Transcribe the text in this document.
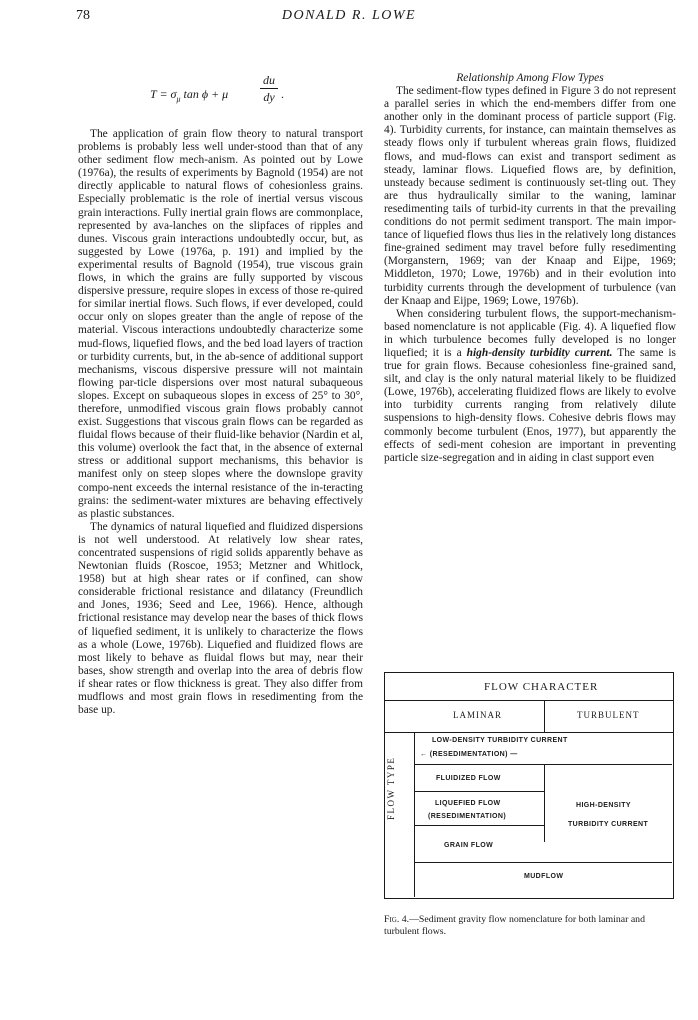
78	DONALD R. LOWE
$T = \sigma_\mu$ tan ϕ + μ
du
dy .

The application of grain flow theory to natural transport problems is probably less well under-stood than that of any other sediment flow mech-anism. As pointed out by Lowe (1976a), the results of experiments by Bagnold (1954) are not directly applicable to natural flows of cohesionless grains. Especially problematic is the role of inertial versus viscous grain interactions. Fully inertial grain flows are commonplace, represented by ava-lanches on the slipfaces of ripples and dunes. Viscous grain interactions undoubtedly occur, but, as suggested by Lowe (1976a, p. 191) and implied by the experimental results of Bagnold (1954), true viscous grain flows, in which the grains are fully supported by viscous dispersive pressure, require slopes in excess of those re-quired for similar inertial flows. Such flows, if ever developed, could occur only on slopes greater than the angle of repose of the material. Viscous interactions undoubtedly characterize some mud-flows, liquefied flows, and the bed load layers of traction or turbidity currents, but, in the ab-sence of additional support mechanisms, viscous dispersive pressure will not maintain flowing par-ticle dispersions over most natural subaqueous slopes. Except on subaqueous slopes in excess of 25° to 30°, therefore, unmodified viscous grain flows probably cannot exist. Suggestions that viscous grain flows can be regarded as fluidal flows because of their fluid-like behavior (Nardin et al, this volume) overlook the fact that, in the absence of external stress or additional support mechanisms, this behavior is manifest only on steep slopes where the downslope gravity compo-nent exceeds the internal resistance of the in-teracting grains: the sediment-water mixtures are behaving effectively as plastic substances.

The dynamics of natural liquefied and fluidized dispersions is not well understood. At relatively low shear rates, concentrated suspensions of rigid solids apparently behave as Newtonian fluids (Roscoe, 1953; Metzner and Whitlock, 1958) but at high shear rates or if confined, can show considerable frictional resistance and dilatancy (Freundlich and Jones, 1936; Seed and Lee, 1966). Hence, although frictional resistance may develop near the bases of thick flows of liquefied sediment, it is unlikely to characterize the flows as a whole (Lowe, 1976b). Liquefied and fluidized flows are most likely to behave as fluidal flows but may, near their bases, show strength and overlap into the area of debris flow if shear rates or flow thickness is great. They also differ from mudflows and most grain flows in resedimenting from the base up.

Relationship Among Flow Types

The sediment-flow types defined in Figure 3 do not represent a parallel series in which the end-members differ from one another only in the dominant process of particle support (Fig. 4). Turbidity currents, for instance, can maintain themselves as steady flows only if turbulent whereas grain flows, fluidized flows, and mud-flows can exist and transport sediment as steady, laminar flows. Liquefied flows are, by definition, unsteady because sediment is continuously set-tling out. They are thus hydraulically similar to the waning, laminar resedimenting tails of turbid-ity currents in that the prevailing conditions do not permit sediment transport. The main impor-tance of liquefied flows thus lies in the relatively long distances fine-grained sediment may travel before fully resedimenting (Morganstern, 1969; van der Knaap and Eijpe, 1969; Middleton, 1970; Lowe, 1976b) and in their evolution into turbidity currents through the development of turbulence (van der Knaap and Eijpe, 1969; Lowe, 1976b).

When considering turbulent flows, the support-mechanism-based nomenclature is not applicable (Fig. 4). A liquefied flow in which turbulence becomes fully developed is no longer liquefied; it is a high-density turbidity current. The same is true for grain flows. Because cohesionless fine-grained sand, silt, and clay is the only natural material likely to be fluidized (Lowe, 1976b), accelerating fluidized flows are likely to evolve into turbidity currents ranging from relatively dilute suspensions to high-density flows. Cohesive debris flows may commonly become turbulent (Enos, 1977), but apparently the effects of sedi-ment cohesion are important in preventing particle size-segregation and in aiding in clast support even

FLOW CHARACTER
LAMINAR	TURBULENT
FLOW TYPE
LOW-DENSITY TURBIDITY CURRENT
← (RESEDIMENTATION) —
FLUIDIZED FLOW
LIQUEFIED FLOW
(RESEDIMENTATION)
HIGH-DENSITY
TURBIDITY CURRENT
GRAIN FLOW
MUDFLOW
Fig. 4.—Sediment gravity flow nomenclature for both laminar and turbulent flows.
